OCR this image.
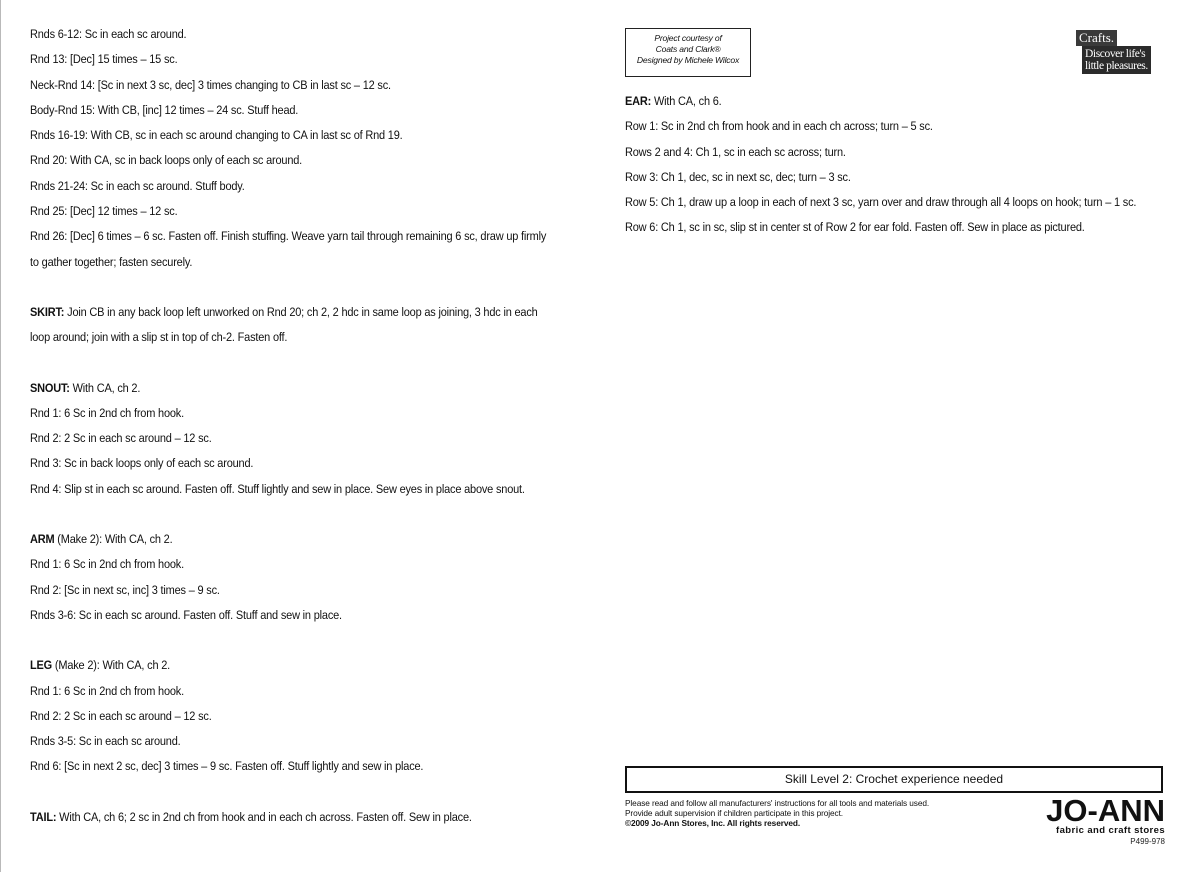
Rnds 6-12: Sc in each sc around.
Rnd 13: [Dec] 15 times – 15 sc.
Neck-Rnd 14: [Sc in next 3 sc, dec] 3 times changing to CB in last sc – 12 sc.
Body-Rnd 15: With CB, [inc] 12 times – 24 sc. Stuff head.
Rnds 16-19: With CB, sc in each sc around changing to CA in last sc of Rnd 19.
Rnd 20: With CA, sc in back loops only of each sc around.
Rnds 21-24: Sc in each sc around. Stuff body.
Rnd 25: [Dec] 12 times – 12 sc.
Rnd 26: [Dec] 6 times – 6 sc. Fasten off. Finish stuffing. Weave yarn tail through remaining 6 sc, draw up firmly
to gather together; fasten securely.
SKIRT: Join CB in any back loop left unworked on Rnd 20; ch 2, 2 hdc in same loop as joining, 3 hdc in each
loop around; join with a slip st in top of ch-2. Fasten off.
SNOUT: With CA, ch 2.
Rnd 1: 6 Sc in 2nd ch from hook.
Rnd 2: 2 Sc in each sc around – 12 sc.
Rnd 3: Sc in back loops only of each sc around.
Rnd 4: Slip st in each sc around. Fasten off. Stuff lightly and sew in place. Sew eyes in place above snout.
ARM (Make 2): With CA, ch 2.
Rnd 1: 6 Sc in 2nd ch from hook.
Rnd 2: [Sc in next sc, inc] 3 times – 9 sc.
Rnds 3-6: Sc in each sc around. Fasten off. Stuff and sew in place.
LEG (Make 2): With CA, ch 2.
Rnd 1: 6 Sc in 2nd ch from hook.
Rnd 2: 2 Sc in each sc around – 12 sc.
Rnds 3-5: Sc in each sc around.
Rnd 6: [Sc in next 2 sc, dec] 3 times – 9 sc. Fasten off. Stuff lightly and sew in place.
TAIL: With CA, ch 6; 2 sc in 2nd ch from hook and in each ch across. Fasten off. Sew in place.
Project courtesy of
Coats and Clark®
Designed by Michele Wilcox
Crafts.
Discover life's
little pleasures.
EAR: With CA, ch 6.
Row 1: Sc in 2nd ch from hook and in each ch across; turn – 5 sc.
Rows 2 and 4: Ch 1, sc in each sc across; turn.
Row 3: Ch 1, dec, sc in next sc, dec; turn – 3 sc.
Row 5: Ch 1, draw up a loop in each of next 3 sc, yarn over and draw through all 4 loops on hook; turn – 1 sc.
Row 6: Ch 1, sc in sc, slip st in center st of Row 2 for ear fold. Fasten off. Sew in place as pictured.
Skill Level 2: Crochet experience needed
Please read and follow all manufacturers' instructions for all tools and materials used.
Provide adult supervision if children participate in this project.
©2009 Jo-Ann Stores, Inc. All rights reserved.	JO-ANN
fabric and craft stores
P499-978
